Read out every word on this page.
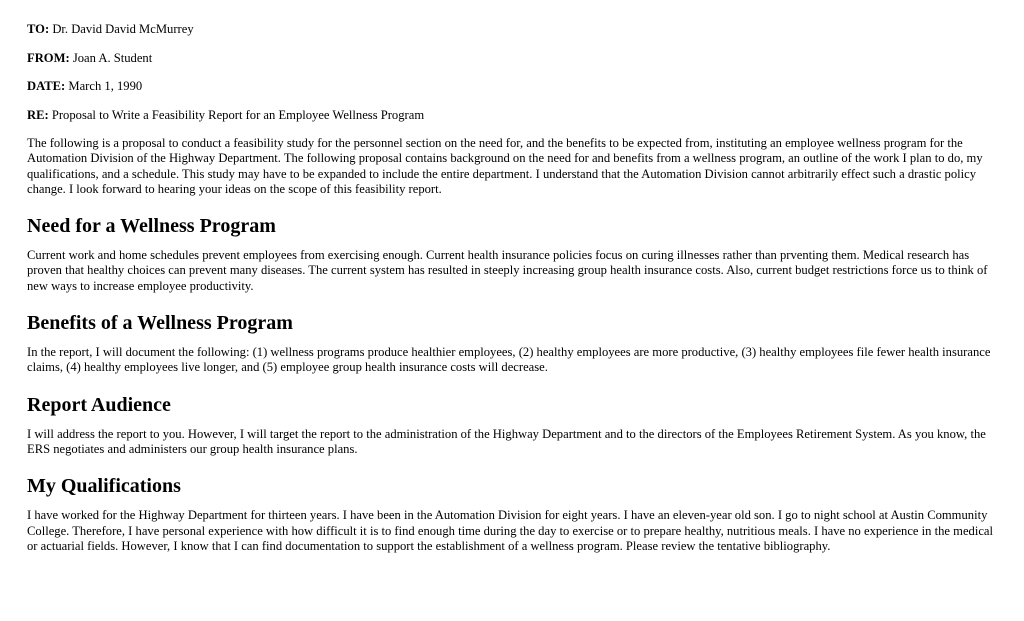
TO: Dr. David David McMurrey
FROM: Joan A. Student
DATE: March 1, 1990
RE: Proposal to Write a Feasibility Report for an Employee Wellness Program

The following is a proposal to conduct a feasibility study for the personnel section on the need for, and the benefits to be expected from, instituting an employee wellness program for the Automation Division of the Highway Department. The following proposal contains background on the need for and benefits from a wellness program, an outline of the work I plan to do, my qualifications, and a schedule. This study may have to be expanded to include the entire department. I understand that the Automation Division cannot arbitrarily effect such a drastic policy change. I look forward to hearing your ideas on the scope of this feasibility report.

Need for a Wellness Program

Current work and home schedules prevent employees from exercising enough. Current health insurance policies focus on curing illnesses rather than prventing them. Medical research has proven that healthy choices can prevent many diseases. The current system has resulted in steeply increasing group health insurance costs. Also, current budget restrictions force us to think of new ways to increase employee productivity.

Benefits of a Wellness Program

In the report, I will document the following: (1) wellness programs produce healthier employees, (2) healthy employees are more productive, (3) healthy employees file fewer health insurance claims, (4) healthy employees live longer, and (5) employee group health insurance costs will decrease.

Report Audience

I will address the report to you. However, I will target the report to the administration of the Highway Department and to the directors of the Employees Retirement System. As you know, the ERS negotiates and administers our group health insurance plans.

My Qualifications

I have worked for the Highway Department for thirteen years. I have been in the Automation Division for eight years. I have an eleven-year old son. I go to night school at Austin Community College. Therefore, I have personal experience with how difficult it is to find enough time during the day to exercise or to prepare healthy, nutritious meals. I have no experience in the medical or actuarial fields. However, I know that I can find documentation to support the establishment of a wellness program. Please review the tentative bibliography.
